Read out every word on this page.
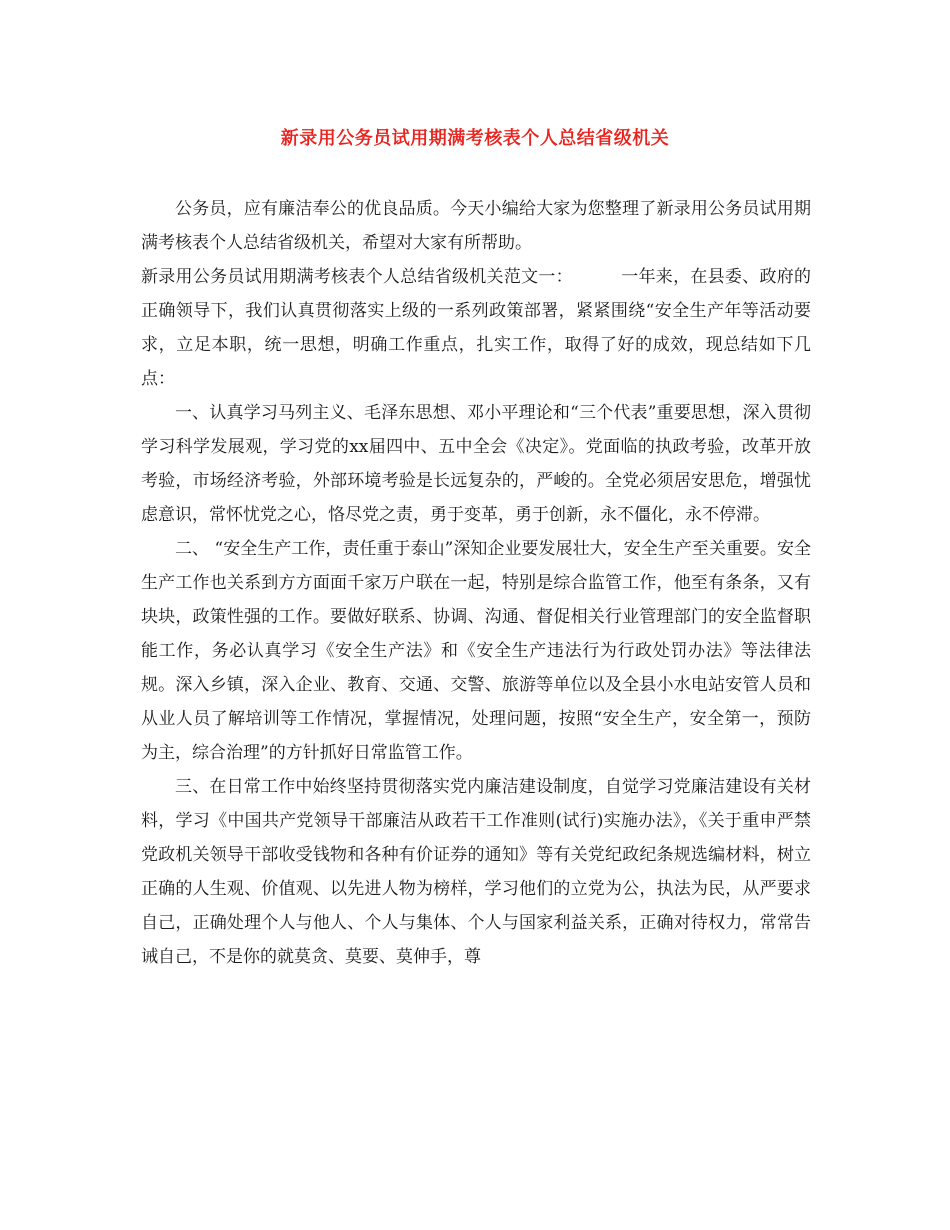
新录用公务员试用期满考核表个人总结省级机关

公务员，应有廉洁奉公的优良品质。今天小编给大家为您整理了新录用公务员试用期满考核表个人总结省级机关，希望对大家有所帮助。

新录用公务员试用期满考核表个人总结省级机关范文一：	一年来，在县委、政府的正确领导下，我们认真贯彻落实上级的一系列政策部署，紧紧围绕“安全生产年等活动要求，立足本职，统一思想，明确工作重点，扎实工作，取得了好的成效，现总结如下几点：

一、认真学习马列主义、毛泽东思想、邓小平理论和“三个代表”重要思想，深入贯彻学习科学发展观，学习党的xx届四中、五中全会《决定》。党面临的执政考验，改革开放考验，市场经济考验，外部环境考验是长远复杂的，严峻的。全党必须居安思危，增强忧虑意识，常怀忧党之心，恪尽党之责，勇于变革，勇于创新，永不僵化，永不停滞。

二、 “安全生产工作，责任重于泰山”深知企业要发展壮大，安全生产至关重要。安全生产工作也关系到方方面面千家万户联在一起，特别是综合监管工作，他至有条条，又有块块，政策性强的工作。要做好联系、协调、沟通、督促相关行业管理部门的安全监督职能工作，务必认真学习《安全生产法》和《安全生产违法行为行政处罚办法》等法律法规。深入乡镇，深入企业、教育、交通、交警、旅游等单位以及全县小水电站安管人员和从业人员了解培训等工作情况，掌握情况，处理问题，按照“安全生产，安全第一，预防为主，综合治理”的方针抓好日常监管工作。

三、在日常工作中始终坚持贯彻落实党内廉洁建设制度，自觉学习党廉洁建设有关材料，学习《中国共产党领导干部廉洁从政若干工作准则(试行)实施办法》，《关于重申严禁党政机关领导干部收受钱物和各种有价证券的通知》等有关党纪政纪条规选编材料，树立正确的人生观、价值观、以先进人物为榜样，学习他们的立党为公，执法为民，从严要求自己，正确处理个人与他人、个人与集体、个人与国家利益关系，正确对待权力，常常告诫自己，不是你的就莫贪、莫要、莫伸手，尊
